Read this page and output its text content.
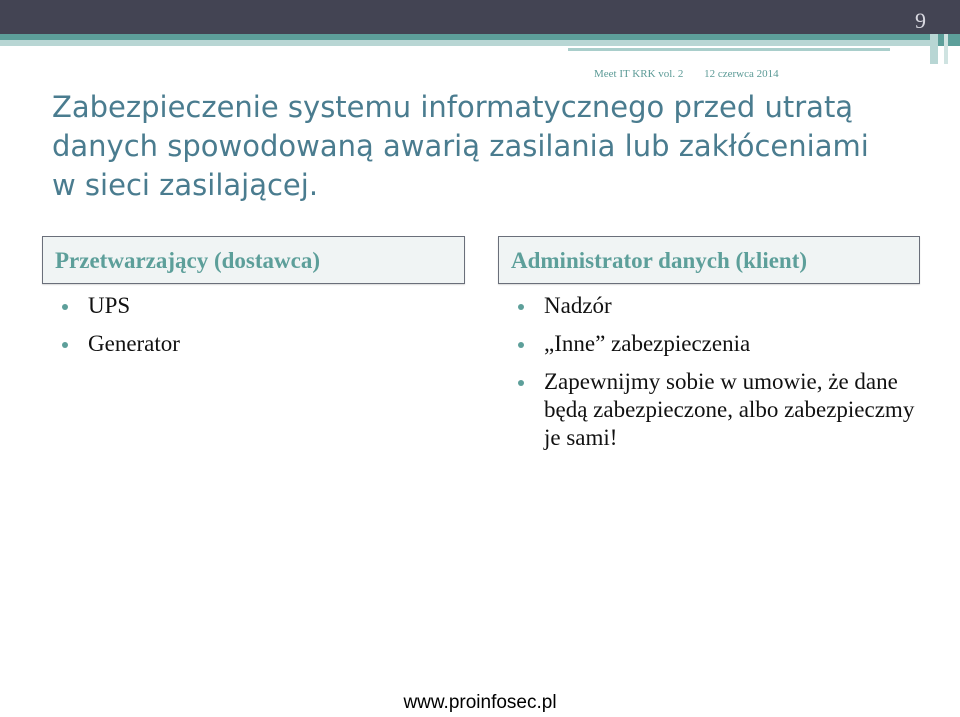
9
Meet IT KRK vol. 2 12 czerwca 2014
Zabezpieczenie systemu informatycznego przed utratą danych spowodowaną awarią zasilania lub zakłóceniami w sieci zasilającej.
Przetwarzający (dostawca)	Administrator danych (klient)
UPS
Generator
Nadzór
„Inne” zabezpieczenia
Zapewnijmy sobie w umowie, że dane będą zabezpieczone, albo zabezpieczmy je sami!
www.proinfosec.pl
